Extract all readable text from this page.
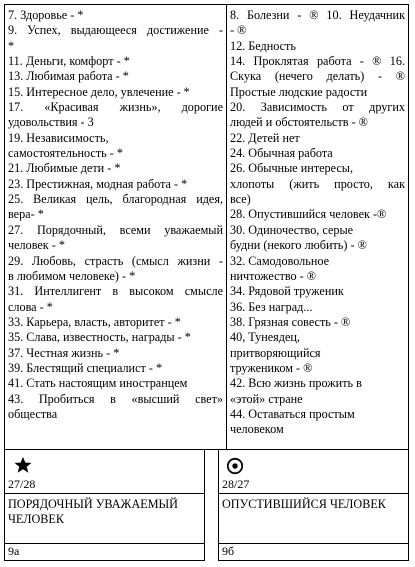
7. Здоровье - *
9. Успех, выдающееся достижение -
*
11. Деньги, комфорт - *
13. Любимая работа - *
15. Интересное дело, увлечение - *
17. «Красивая жизнь», дорогие
удовольствия - 3
19. Независимость,
самостоятельность - *
21. Любимые дети - *
23. Престижная, модная работа - *
25. Великая цель, благородная идея,
вера- *
27. Порядочный, всеми уважаемый
человек - *
29. Любовь, страсть (смысл жизни -
в любимом человеке) - *
31. Интеллигент в высоком смысле
слова - *
33. Карьера, власть, авторитет - *
35. Слава, известность, награды - *
37. Честная жизнь - *
39. Блестящий специалист - *
41. Стать настоящим иностранцем
43. Пробиться в «высший свет»
общества
8. Болезни - ® 10. Неудачник
- ®
12. Бедность
14. Проклятая работа - ® 16.
Скука (нечего делать) - ®
Простые людские радости
20. Зависимость от других
людей и обстоятельств - ®
22. Детей нет
24. Обычная работа
26. Обычные интересы,
хлопоты (жить просто, как
все)
28. Опустившийся человек -®
30. Одиночество, серые
будни (некого любить) - ®
32. Самодовольное
ничтожество - ®
34. Рядовой труженик
36. Без наград...
38. Грязная совесть - ®
40, Тунеядец,
притворяющийся
тружеником - ®
42. Всю жизнь прожить в
«этой» стране
44. Оставаться простым
человеком
27/28
ПОРЯДОЧНЫЙ УВАЖАЕМЫЙ ЧЕЛОВЕК
9а
28/27
ОПУСТИВШИЙСЯ ЧЕЛОВЕК
9б
